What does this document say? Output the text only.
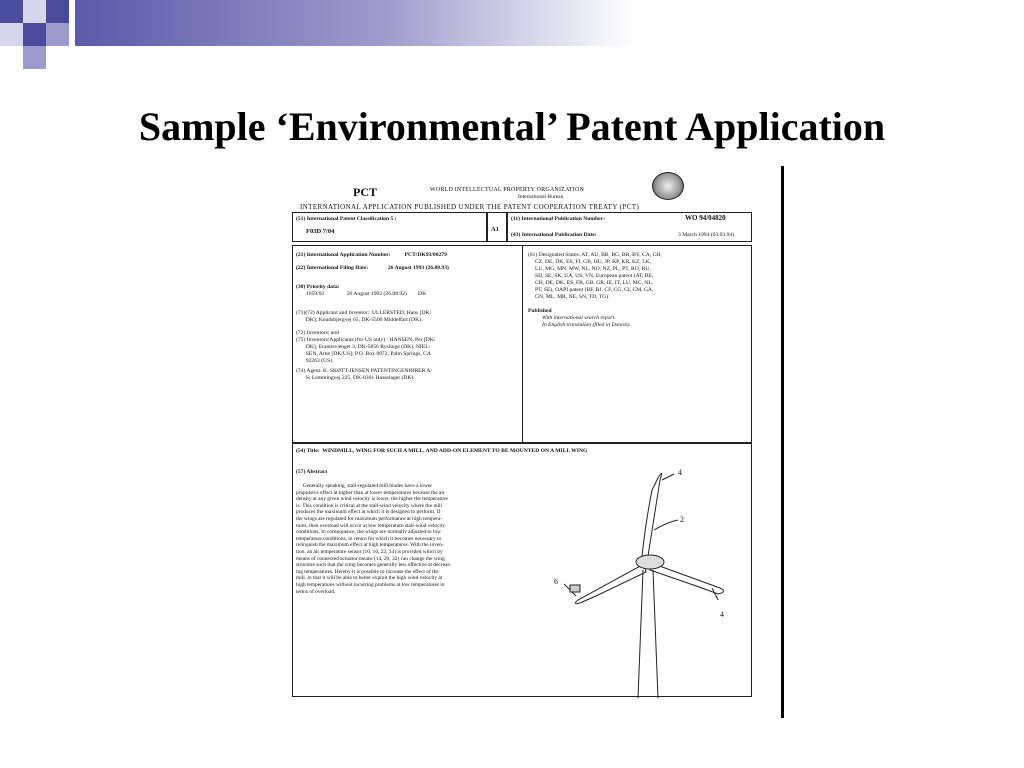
Sample ‘Environmental’ Patent Application
PCT	WORLD INTELLECTUAL PROPERTY ORGANIZATION
International Bureau
INTERNATIONAL APPLICATION PUBLISHED UNDER THE PATENT COOPERATION TREATY (PCT)
(51) International Patent Classification 5 :
F03D 7/04	A1
(11) International Publication Number:	WO 94/04820
(43) International Publication Date:	3 March 1994 (03.03.94)
(21) International Application Number:          PCT/DK93/00279
(22) International Filing Date:              26 August 1993 (26.08.93)
(30) Priority data:
1059/92                26 August 1992 (26.08.92)        DK
(71)(72) Applicant and Inventor:  ULLERSTED, Hans [DK/
DK]; Knudsbjergvej 65, DK-5500 Middelfart (DK).
(72) Inventors; and
(75) Inventors/Applicants (for US only) : HANSEN, Per [DK/
DK]; Erantisvænget 3, DK-5856 Ryslinge (DK). NIEL-
SEN, Arne [DK/US]; P.O. Box 8972, Palm Springs, CA
92263 (US).
(74) Agent: K. SKØTT-JENSEN PATENTINGENIØRER A/
S; Lemmingvej 225, DK-8361 Hasselager (DK).
(81) Designated States: AT, AU, BB, BG, BR, BY, CA, CH,
CZ, DE, DK, ES, FI, GB, HU, JP, KP, KR, KZ, LK,
LU, MG, MN, MW, NL, NO, NZ, PL, PT, RO, RU,
SD, SE, SK, UA, US, VN, European patent (AT, BE,
CH, DE, DK, ES, FR, GB, GR, IE, IT, LU, MC, NL,
PT, SE), OAPI patent (BF, BJ, CF, CG, CI, CM, GA,
GN, ML, MR, NE, SN, TD, TG).
Published
With international search report.
In English translation (filed in Danish).
(54) Title:  WINDMILL, WING FOR SUCH A MILL, AND ADD-ON ELEMENT TO BE MOUNTED ON A MILL WING
(57) Abstract
Generally speaking, stall-regulated mill blades have a lower
propulsive effect at higher than at lower temperatures because the air
density at any given wind velocity is lower, the higher the temperature
is. This condition is critical at the stall-wind velocity where the mill
produces the maximum effect at which it is designed to perform. If
the wings are regulated for maximum performance at high tempera-
tures, then overload will occur at low temperature stall-wind velocity
conditions. In consequence, the wings are normally adjusted to low
temperature conditions, in return for which it becomes necessary to
relinquish the maximum effect at high temperatures. With the inven-
tion, an air temperature sensor (10, 16, 22, 34) is provided which by
means of connected actuator means (14, 20, 32) can change the wing
structure such that the wing becomes generally less effective at decreas-
ing temperatures. Hereby it is possible to increase the effect of the
mill, in that it will be able to better exploit the high wind velocity at
high temperatures without incurring problems at low temperatures in
terms of overload.
4
2
6
4
